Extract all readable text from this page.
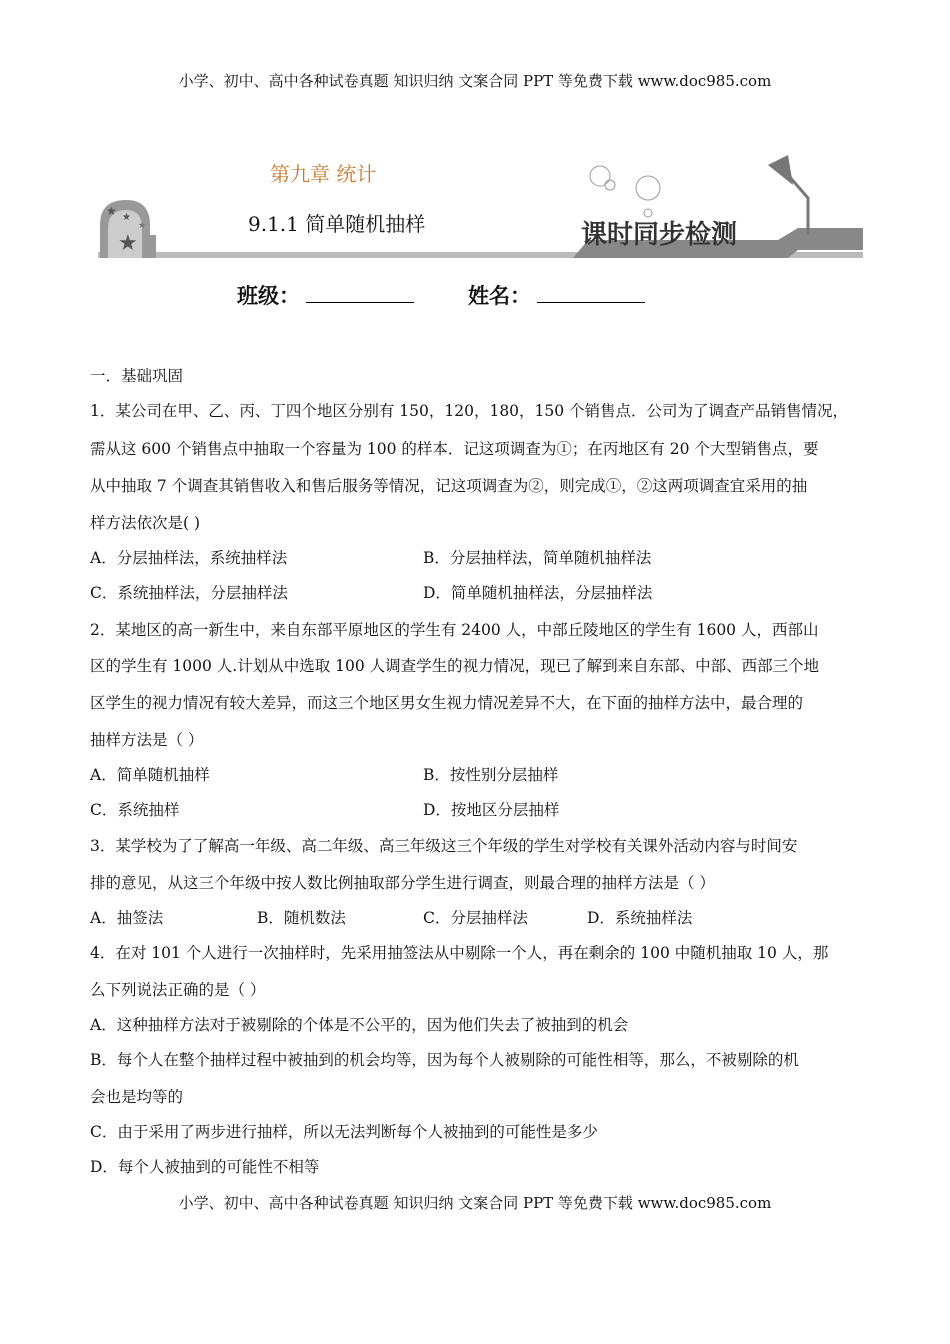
小学、初中、高中各种试卷真题 知识归纳 文案合同 PPT 等免费下载 www.doc985.com
★
★ ★
★
第九章 统计
9.1.1 简单随机抽样	课时同步检测
班级：	姓名：
一．基础巩固
1．某公司在甲、乙、丙、丁四个地区分别有 150，120，180，150 个销售点．公司为了调查产品销售情况，
需从这 600 个销售点中抽取一个容量为 100 的样本．记这项调查为①；在丙地区有 20 个大型销售点，要
从中抽取 7 个调查其销售收入和售后服务等情况，记这项调查为②，则完成①，②这两项调查宜采用的抽
样方法依次是( )
A．分层抽样法，系统抽样法	B．分层抽样法，简单随机抽样法
C．系统抽样法，分层抽样法	D．简单随机抽样法，分层抽样法
2．某地区的高一新生中，来自东部平原地区的学生有 2400 人，中部丘陵地区的学生有 1600 人，西部山
区的学生有 1000 人.计划从中选取 100 人调查学生的视力情况，现已了解到来自东部、中部、西部三个地
区学生的视力情况有较大差异，而这三个地区男女生视力情况差异不大，在下面的抽样方法中，最合理的
抽样方法是（ ）
A．简单随机抽样	B．按性别分层抽样
C．系统抽样	D．按地区分层抽样
3．某学校为了了解高一年级、高二年级、高三年级这三个年级的学生对学校有关课外活动内容与时间安
排的意见，从这三个年级中按人数比例抽取部分学生进行调查，则最合理的抽样方法是（ ）
A．抽签法	B．随机数法	C．分层抽样法	D．系统抽样法
4．在对 101 个人进行一次抽样时，先采用抽签法从中剔除一个人，再在剩余的 100 中随机抽取 10 人，那
么下列说法正确的是（ ）
A．这种抽样方法对于被剔除的个体是不公平的，因为他们失去了被抽到的机会
B．每个人在整个抽样过程中被抽到的机会均等，因为每个人被剔除的可能性相等，那么，不被剔除的机
会也是均等的
C．由于采用了两步进行抽样，所以无法判断每个人被抽到的可能性是多少
D．每个人被抽到的可能性不相等
小学、初中、高中各种试卷真题 知识归纳 文案合同 PPT 等免费下载 www.doc985.com
